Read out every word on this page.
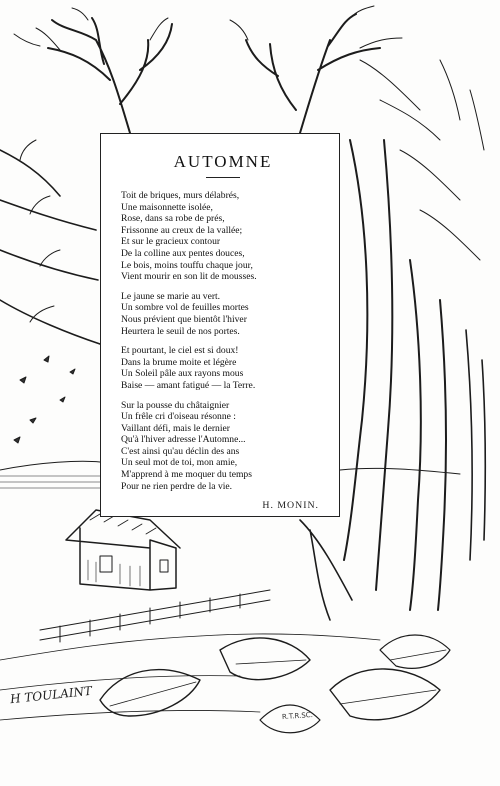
AUTOMNE
Toit de briques, murs délabrés,
Une maisonnette isolée,
Rose, dans sa robe de prés,
Frissonne au creux de la vallée;
Et sur le gracieux contour
De la colline aux pentes douces,
Le bois, moins touffu chaque jour,
Vient mourir en son lit de mousses.
Le jaune se marie au vert.
Un sombre vol de feuilles mortes
Nous prévient que bientôt l'hiver
Heurtera le seuil de nos portes.
Et pourtant, le ciel est si doux!
Dans la brume moite et légère
Un Soleil pâle aux rayons mous
Baise — amant fatigué — la Terre.
Sur la pousse du châtaignier
Un frêle cri d'oiseau résonne :
Vaillant défi, mais le dernier
Qu'à l'hiver adresse l'Automne...
C'est ainsi qu'au déclin des ans
Un seul mot de toi, mon amie,
M'apprend à me moquer du temps
Pour ne rien perdre de la vie.
H. MONIN.
H TOULAINT
R.T.R.SC.
